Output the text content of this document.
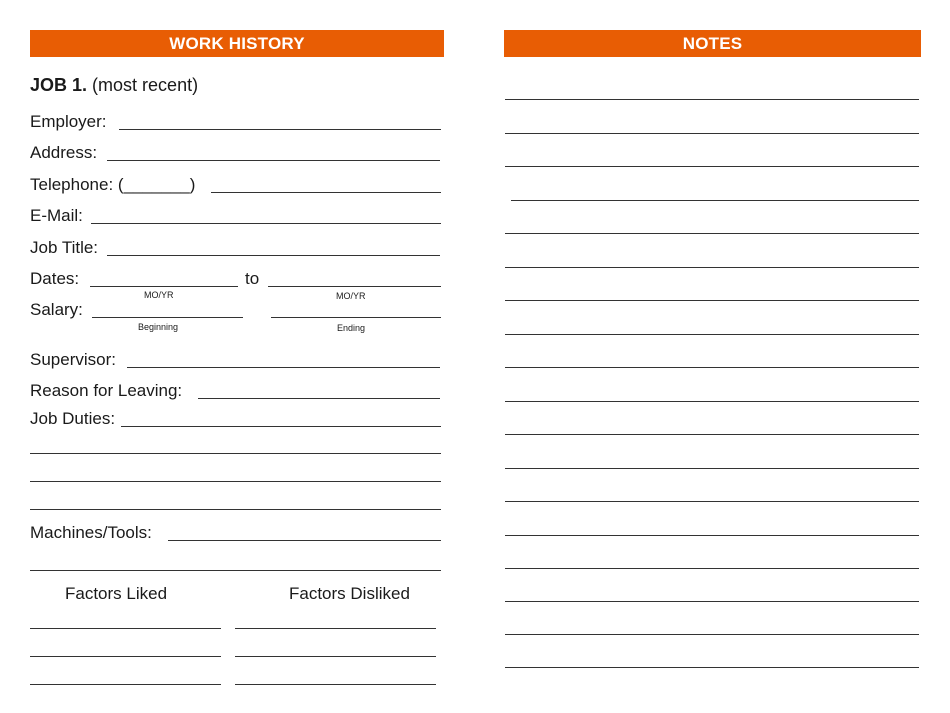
WORK HISTORY
JOB 1. (most recent)
Employer:
Address:
Telephone: (_______)
E-Mail:
Job Title:
Dates:	to
MO/YR	MO/YR
Salary:
Beginning	Ending
Supervisor:
Reason for Leaving:
Job Duties:
Machines/Tools:
Factors Liked	Factors Disliked
NOTES
